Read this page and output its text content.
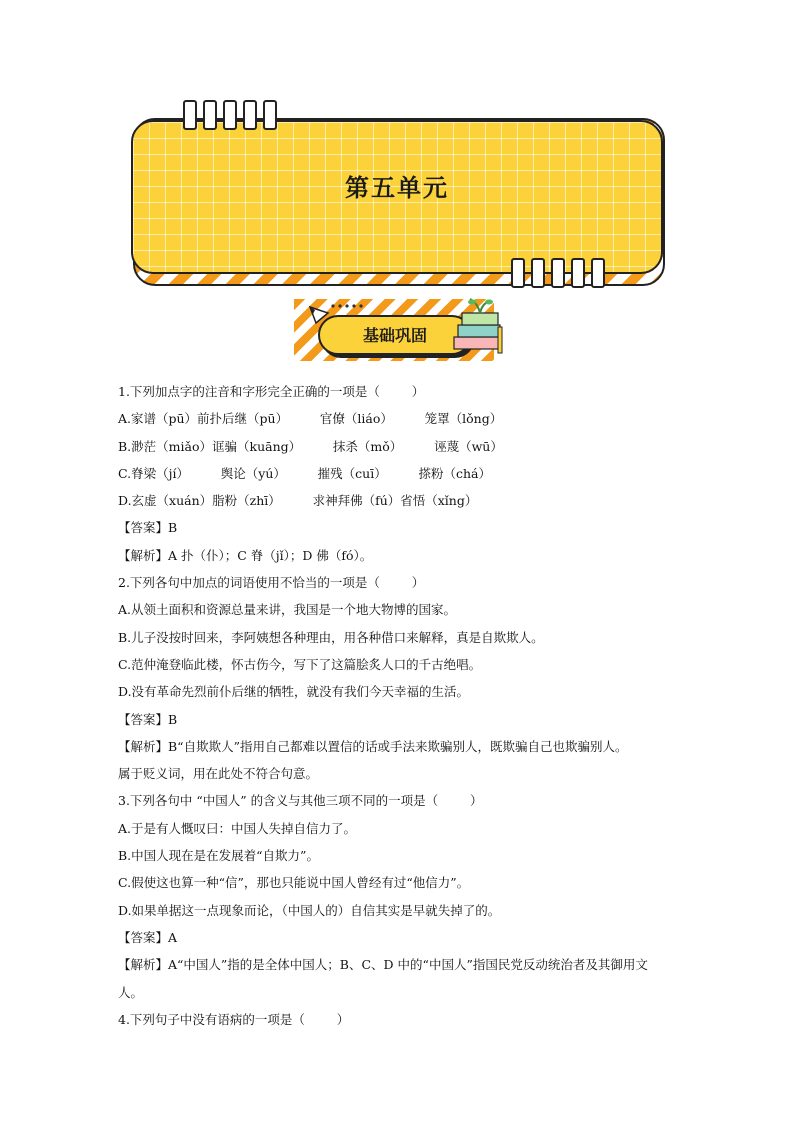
第五单元
基础巩固
1.下列加点字的注音和字形完全正确的一项是（        ）
A.家谱（pū）前扑后继（pū）        官僚（liáo）        笼罩（lǒng）
B.渺茫（miǎo）诓骗（kuāng）        抹杀（mǒ）        诬蔑（wū）
C.脊梁（jí）        舆论（yú）        摧残（cuī）        搽粉（chá）
D.玄虚（xuán）脂粉（zhī）        求神拜佛（fú）省悟（xǐng）
【答案】B
【解析】A 扑（仆）；C 脊（jǐ）；D 佛（fó）。
2.下列各句中加点的词语使用不恰当的一项是（        ）
A.从领土面积和资源总量来讲，我国是一个地大物博的国家。
B.儿子没按时回来，李阿姨想各种理由，用各种借口来解释，真是自欺欺人。
C.范仲淹登临此楼，怀古伤今，写下了这篇脍炙人口的千古绝唱。
D.没有革命先烈前仆后继的牺牲，就没有我们今天幸福的生活。
【答案】B
【解析】B“自欺欺人”指用自己都难以置信的话或手法来欺骗别人，既欺骗自己也欺骗别人。
属于贬义词，用在此处不符合句意。
3.下列各句中 “中国人” 的含义与其他三项不同的一项是（        ）
A.于是有人慨叹曰：中国人失掉自信力了。
B.中国人现在是在发展着“自欺力”。
C.假使这也算一种“信”，那也只能说中国人曾经有过“他信力”。
D.如果单据这一点现象而论，（中国人的）自信其实是早就失掉了的。
【答案】A
【解析】A“中国人”指的是全体中国人；B、C、D 中的“中国人”指国民党反动统治者及其御用文
人。
4.下列句子中没有语病的一项是（        ）
